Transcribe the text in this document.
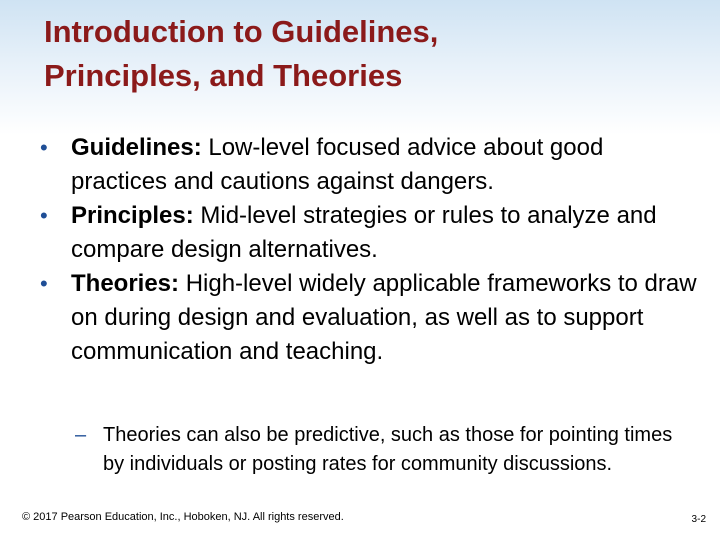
Introduction to Guidelines,
Principles, and Theories
• Guidelines: Low-level focused advice about good practices and cautions against dangers.
• Principles: Mid-level strategies or rules to analyze and compare design alternatives.
• Theories: High-level widely applicable frameworks to draw on during design and evaluation, as well as to support communication and teaching.
– Theories can also be predictive, such as those for pointing times by individuals or posting rates for community discussions.
© 2017 Pearson Education, Inc., Hoboken, NJ. All rights reserved.	3-2
